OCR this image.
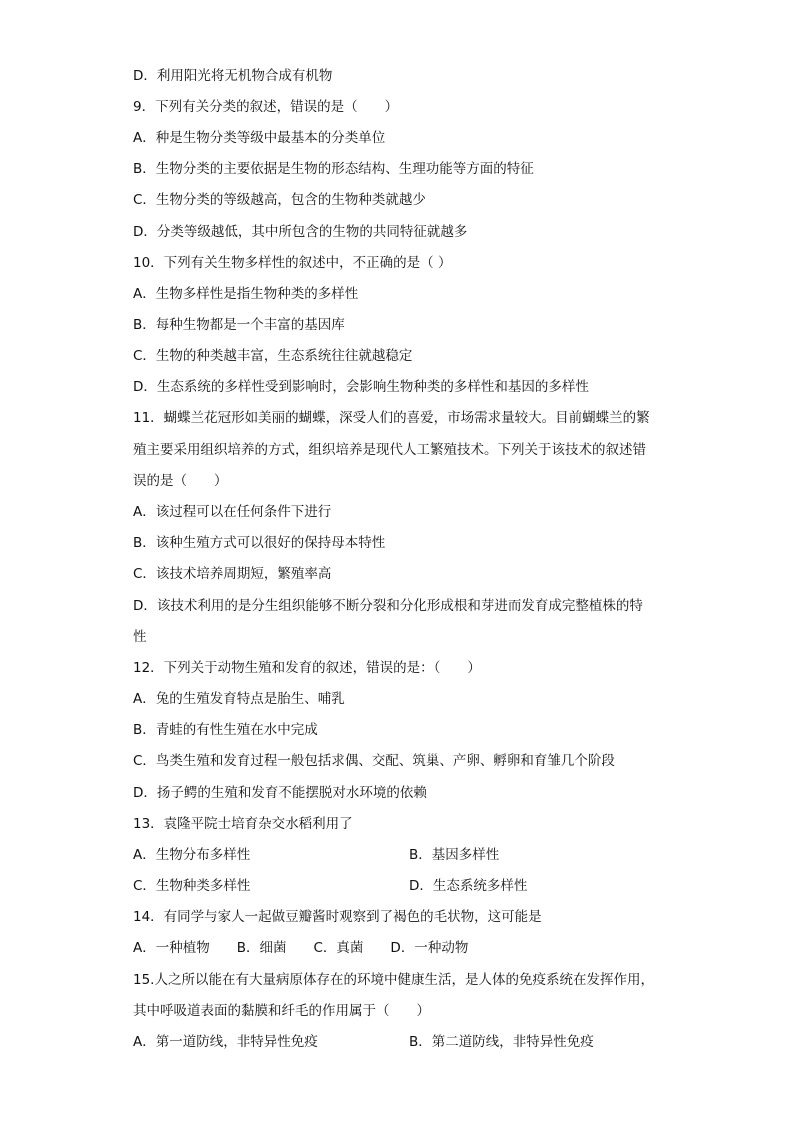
D．利用阳光将无机物合成有机物
9．下列有关分类的叙述，错误的是（　　）
A．种是生物分类等级中最基本的分类单位
B．生物分类的主要依据是生物的形态结构、生理功能等方面的特征
C．生物分类的等级越高，包含的生物种类就越少
D．分类等级越低，其中所包含的生物的共同特征就越多
10．下列有关生物多样性的叙述中，不正确的是（ ）
A．生物多样性是指生物种类的多样性
B．每种生物都是一个丰富的基因库
C．生物的种类越丰富，生态系统往往就越稳定
D．生态系统的多样性受到影响时，会影响生物种类的多样性和基因的多样性
11．蝴蝶兰花冠形如美丽的蝴蝶，深受人们的喜爱，市场需求量较大。目前蝴蝶兰的繁
殖主要采用组织培养的方式，组织培养是现代人工繁殖技术。下列关于该技术的叙述错
误的是（　　）
A．该过程可以在任何条件下进行
B．该种生殖方式可以很好的保持母本特性
C．该技术培养周期短，繁殖率高
D．该技术利用的是分生组织能够不断分裂和分化形成根和芽进而发育成完整植株的特
性
12．下列关于动物生殖和发育的叙述，错误的是：（　　）
A．兔的生殖发育特点是胎生、哺乳
B．青蛙的有性生殖在水中完成
C．鸟类生殖和发育过程一般包括求偶、交配、筑巢、产卵、孵卵和育雏几个阶段
D．扬子鳄的生殖和发育不能摆脱对水环境的依赖
13．袁隆平院士培育杂交水稻利用了
A．生物分布多样性	B．基因多样性
C．生物种类多样性	D．生态系统多样性
14．有同学与家人一起做豆瓣酱时观察到了褐色的毛状物，这可能是
A．一种植物　　B．细菌　　C．真菌　　D．一种动物
15.人之所以能在有大量病原体存在的环境中健康生活，是人体的免疫系统在发挥作用，
其中呼吸道表面的黏膜和纤毛的作用属于（　　）
A．第一道防线，非特异性免疫	B．第二道防线，非特异性免疫
